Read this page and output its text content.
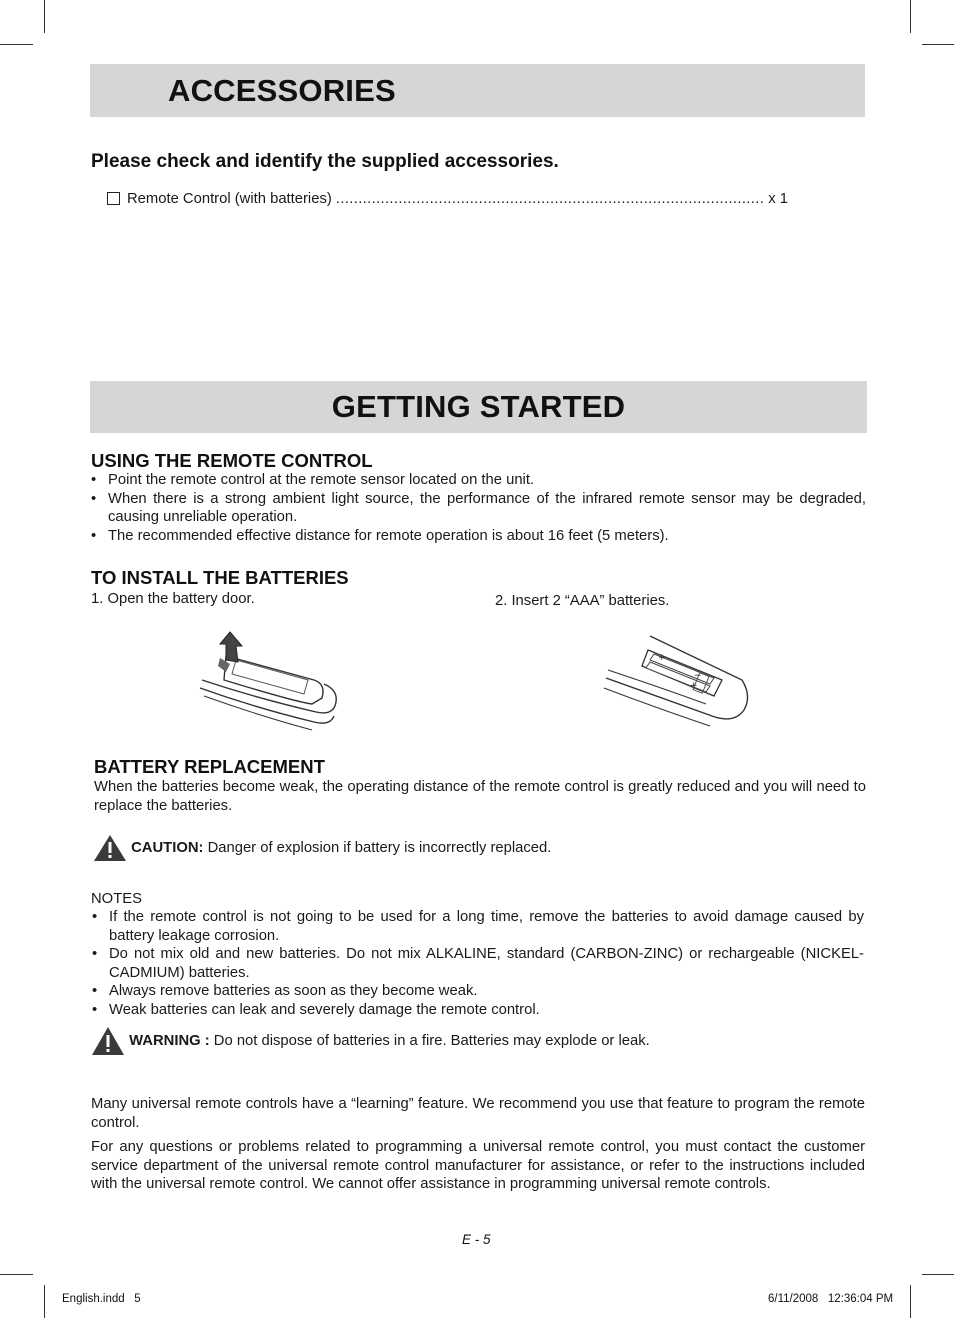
ACCESSORIES
Please check and identify the supplied accessories.
Remote Control (with batteries) ................................................................................................ x 1
GETTING STARTED
USING THE REMOTE CONTROL
• Point the remote control at the remote sensor located on the unit.
• When there is a strong ambient light source, the performance of the infrared remote sensor may be degraded, causing unreliable operation.
• The recommended effective distance for remote operation is about 16 feet (5 meters).
TO INSTALL THE BATTERIES
1. Open the battery door.	2. Insert 2 “AAA” batteries.
+
−
+
BATTERY REPLACEMENT
When the batteries become weak, the operating distance of the remote control is greatly reduced and you will need to replace the batteries.
CAUTION: Danger of explosion if battery is incorrectly replaced.
NOTES
• If the remote control is not going to be used for a long time, remove the batteries to avoid damage caused by battery leakage corrosion.
• Do not mix old and new batteries. Do not mix ALKALINE, standard (CARBON-ZINC) or rechargeable (NICKEL-CADMIUM) batteries.
• Always remove batteries as soon as they become weak.
• Weak batteries can leak and severely damage the remote control.
WARNING : Do not dispose of batteries in a fire. Batteries may explode or leak.
Many universal remote controls have a “learning” feature. We recommend you use that feature to program the remote control.
For any questions or problems related to programming a universal remote control, you must contact the customer service department of the universal remote control manufacturer for assistance, or refer to the instructions included with the universal remote control. We cannot offer assistance in programming universal remote controls.
E - 5
English.indd 5	6/11/2008   12:36:04 PM
